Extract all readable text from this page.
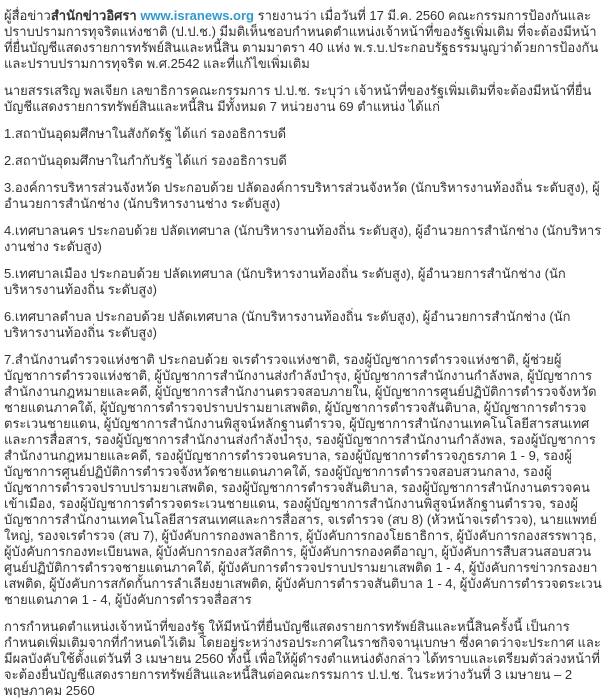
ผู้สื่อข่าวสำนักข่าวอิศรา www.isranews.org รายงานว่า เมื่อวันที่ 17 มี.ค. 2560 คณะกรรมการป้องกันและปราบปรามการทุจริตแห่งชาติ (ป.ป.ช.) มีมติเห็นชอบกำหนดตำแหน่งเจ้าหน้าที่ของรัฐเพิ่มเติม ที่จะต้องมีหน้าที่ยื่นบัญชีแสดงรายการทรัพย์สินและหนี้สิน ตามมาตรา 40 แห่ง พ.ร.บ.ประกอบรัฐธรรมนูญว่าด้วยการป้องกันและปราบปรามการทุจริต พ.ศ.2542 และที่แก้ไขเพิ่มเติม

นายสรรเสริญ พลเจียก เลขาธิการคณะกรรมการ ป.ป.ช. ระบุว่า เจ้าหน้าที่ของรัฐเพิ่มเติมที่จะต้องมีหน้าที่ยื่นบัญชีแสดงรายการทรัพย์สินและหนี้สิน มีทั้งหมด 7 หน่วยงาน 69 ตำแหน่ง ได้แก่

1.สถาบันอุดมศึกษาในสังกัดรัฐ ได้แก่ รองอธิการบดี

2.สถาบันอุดมศึกษาในกำกับรัฐ ได้แก่ รองอธิการบดี

3.องค์การบริหารส่วนจังหวัด ประกอบด้วย ปลัดองค์การบริหารส่วนจังหวัด (นักบริหารงานท้องถิ่น ระดับสูง), ผู้อำนวยการสำนักช่าง (นักบริหารงานช่าง ระดับสูง)

4.เทศบาลนคร ประกอบด้วย ปลัดเทศบาล (นักบริหารงานท้องถิ่น ระดับสูง), ผู้อำนวยการสำนักช่าง (นักบริหารงานช่าง ระดับสูง)

5.เทศบาลเมือง ประกอบด้วย ปลัดเทศบาล (นักบริหารงานท้องถิ่น ระดับสูง), ผู้อำนวยการสำนักช่าง (นักบริหารงานท้องถิ่น ระดับสูง)

6.เทศบาลตำบล ประกอบด้วย ปลัดเทศบาล (นักบริหารงานท้องถิ่น ระดับสูง), ผู้อำนวยการสำนักช่าง (นักบริหารงานท้องถิ่น ระดับสูง)

7.สำนักงานตำรวจแห่งชาติ ประกอบด้วย จเรตำรวจแห่งชาติ, รองผู้บัญชาการตำรวจแห่งชาติ, ผู้ช่วยผู้บัญชาการตำรวจแห่งชาติ, ผู้บัญชาการสำนักงานส่งกำลังบำรุง, ผู้บัญชาการสำนักงานกำลังพล, ผู้บัญชาการสำนักงานกฎหมายและคดี, ผู้บัญชาการสำนักงานตรวจสอบภายใน, ผู้บัญชาการศูนย์ปฏิบัติการตำรวจจังหวัดชายแดนภาคใต้, ผู้บัญชาการตำรวจปราบปรามยาเสพติด, ผู้บัญชาการตำรวจสันติบาล, ผู้บัญชาการตำรวจตระเวนชายแดน, ผู้บัญชาการสำนักงานพิสูจน์หลักฐานตำรวจ, ผู้บัญชาการสำนักงานเทคโนโลยีสารสนเทศและการสื่อสาร, รองผู้บัญชาการสำนักงานส่งกำลังบำรุง, รองผู้บัญชาการสำนักงานกำลังพล, รองผู้บัญชาการสำนักงานกฎหมายและคดี, รองผู้บัญชาการตำรวจนครบาล, รองผู้บัญชาการตำรวจภูธรภาค 1 - 9, รองผู้บัญชาการศูนย์ปฏิบัติการตำรวจจังหวัดชายแดนภาคใต้, รองผู้บัญชาการตำรวจสอบสวนกลาง, รองผู้บัญชาการตำรวจปราบปรามยาเสพติด, รองผู้บัญชาการตำรวจสันติบาล, รองผู้บัญชาการสำนักงานตรวจคนเข้าเมือง, รองผู้บัญชาการตำรวจตระเวนชายแดน, รองผู้บัญชาการสำนักงานพิสูจน์หลักฐานตำรวจ, รองผู้บัญชาการสำนักงานเทคโนโลยีสารสนเทศและการสื่อสาร, จเรตำรวจ (สบ 8) (หัวหน้าจเรตำรวจ), นายแพทย์ใหญ่, รองจเรตำรวจ (สบ 7), ผู้บังคับการกองพลาธิการ, ผู้บังคับการกองโยธาธิการ, ผู้บังคับการกองสรรพาวุธ, ผู้บังคับการกองทะเบียนพล, ผู้บังคับการกองสวัสดิการ, ผู้บังคับการกองคดีอาญา, ผู้บังคับการสืบสวนสอบสวนศูนย์ปฏิบัติการตำรวจชายแดนภาคใต้, ผู้บังคับการตำรวจปราบปรามยาเสพติด 1 - 4, ผู้บังคับการข่าวกรองยาเสพติด, ผู้บังคับการสกัดกั้นการลำเลียงยาเสพติด, ผู้บังคับการตำรวจสันติบาล 1 - 4, ผู้บังคับการตำรวจตระเวนชายแดนภาค 1 - 4, ผู้บังคับการตำรวจสื่อสาร

การกำหนดตำแหน่งเจ้าหน้าที่ของรัฐ ให้มีหน้าที่ยื่นบัญชีแสดงรายการทรัพย์สินและหนี้สินครั้งนี้ เป็นการกำหนดเพิ่มเติมจากที่กำหนดไว้เดิม โดยอยู่ระหว่างรอประกาศในราชกิจจานุเบกษา ซึ่งคาดว่าจะประกาศ และมีผลบังคับใช้ตั้งแต่วันที่ 3 เมษายน 2560 ทั้งนี้ เพื่อให้ผู้ดำรงตำแหน่งดังกล่าว ได้ทราบและเตรียมตัวล่วงหน้าที่จะต้องยื่นบัญชีแสดงรายการทรัพย์สินและหนี้สินต่อคณะกรรมการ ป.ป.ช. ในระหว่างวันที่ 3 เมษายน – 2 พฤษภาคม 2560
